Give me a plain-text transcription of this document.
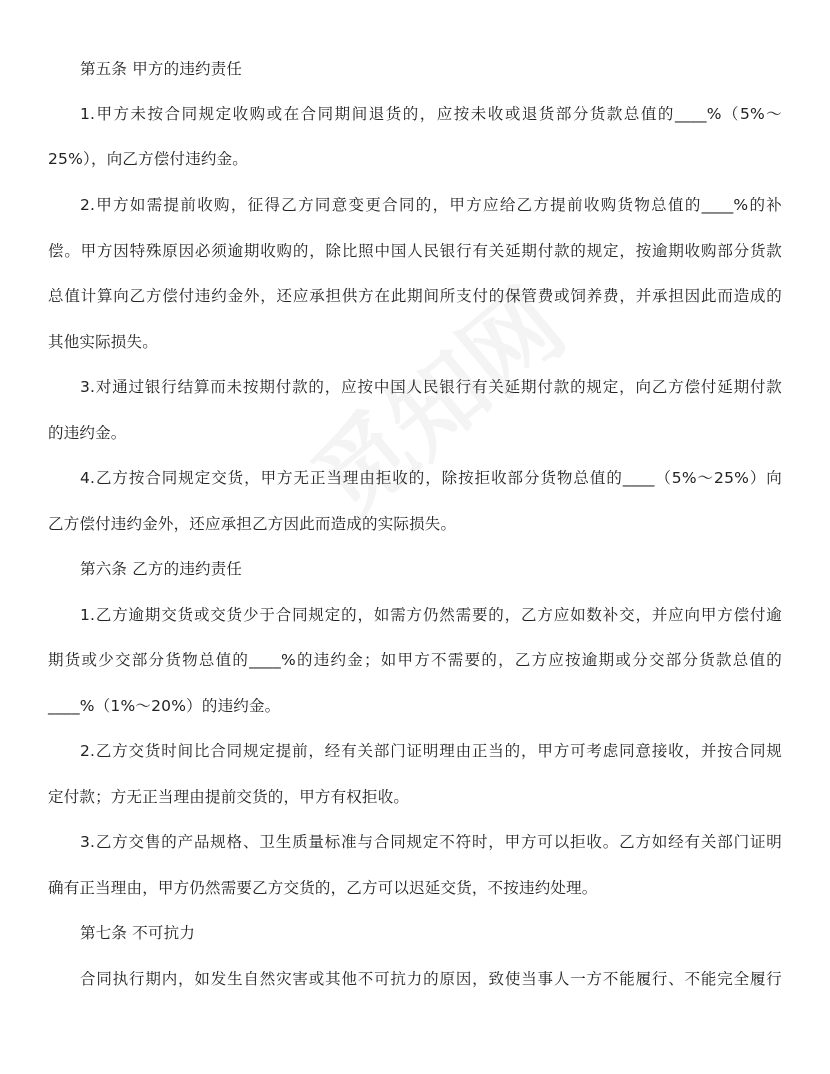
第五条 甲方的违约责任
1.甲方未按合同规定收购或在合同期间退货的，应按未收或退货部分货款总值的____%（5%～
25%），向乙方偿付违约金。
2.甲方如需提前收购，征得乙方同意变更合同的，甲方应给乙方提前收购货物总值的____%的补
偿。甲方因特殊原因必须逾期收购的，除比照中国人民银行有关延期付款的规定，按逾期收购部分货款
总值计算向乙方偿付违约金外，还应承担供方在此期间所支付的保管费或饲养费，并承担因此而造成的
其他实际损失。
3.对通过银行结算而未按期付款的，应按中国人民银行有关延期付款的规定，向乙方偿付延期付款
的违约金。
4.乙方按合同规定交货，甲方无正当理由拒收的，除按拒收部分货物总值的____（5%～25%）向
乙方偿付违约金外，还应承担乙方因此而造成的实际损失。
第六条 乙方的违约责任
1.乙方逾期交货或交货少于合同规定的，如需方仍然需要的，乙方应如数补交，并应向甲方偿付逾
期货或少交部分货物总值的____%的违约金；如甲方不需要的，乙方应按逾期或分交部分货款总值的
____%（1%～20%）的违约金。
2.乙方交货时间比合同规定提前，经有关部门证明理由正当的，甲方可考虑同意接收，并按合同规
定付款；方无正当理由提前交货的，甲方有权拒收。
3.乙方交售的产品规格、卫生质量标准与合同规定不符时，甲方可以拒收。乙方如经有关部门证明
确有正当理由，甲方仍然需要乙方交货的，乙方可以迟延交货，不按违约处理。
第七条 不可抗力
合同执行期内，如发生自然灾害或其他不可抗力的原因，致使当事人一方不能履行、不能完全履行
